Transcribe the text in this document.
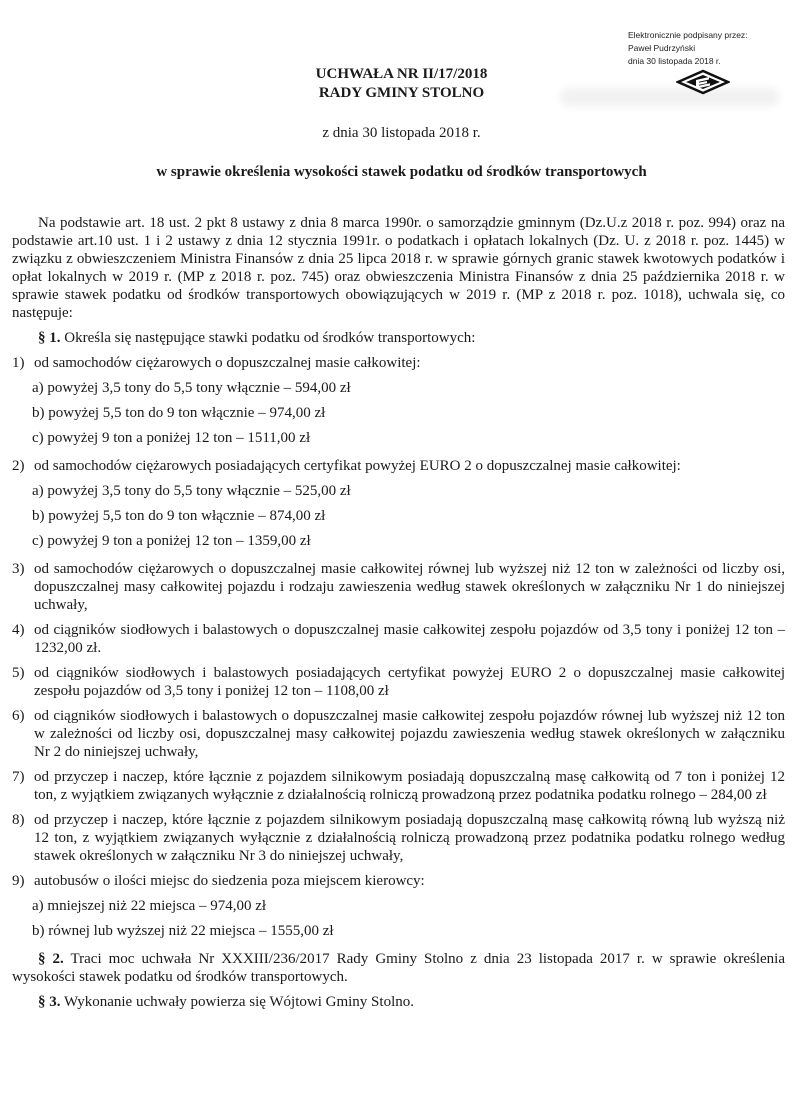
Elektronicznie podpisany przez:
Paweł Pudrzyński
dnia 30 listopada 2018 r.
UCHWAŁA NR II/17/2018
RADY GMINY STOLNO
z dnia 30 listopada 2018 r.
w sprawie określenia wysokości stawek podatku od środków transportowych

Na podstawie art. 18 ust. 2 pkt 8 ustawy z dnia 8 marca 1990r. o samorządzie gminnym (Dz.U.z 2018 r. poz. 994) oraz na podstawie art.10 ust. 1 i 2 ustawy z dnia 12 stycznia 1991r. o podatkach i opłatach lokalnych (Dz. U. z 2018 r. poz. 1445) w związku z obwieszczeniem Ministra Finansów z dnia 25 lipca 2018 r. w sprawie górnych granic stawek kwotowych podatków i opłat lokalnych w 2019 r. (MP z 2018 r. poz. 745) oraz obwieszczenia Ministra Finansów z dnia 25 października 2018 r. w sprawie stawek podatku od środków transportowych obowiązujących w 2019 r. (MP z 2018 r. poz. 1018), uchwala się, co następuje:

§ 1. Określa się następujące stawki podatku od środków transportowych:

1) od samochodów ciężarowych o dopuszczalnej masie całkowitej:
a) powyżej 3,5 tony do 5,5 tony włącznie – 594,00 zł
b) powyżej 5,5 ton do 9 ton włącznie – 974,00 zł
c) powyżej 9 ton a poniżej 12 ton – 1511,00 zł
2) od samochodów ciężarowych posiadających certyfikat powyżej EURO 2 o dopuszczalnej masie całkowitej:
a) powyżej 3,5 tony do 5,5 tony włącznie – 525,00 zł
b) powyżej 5,5 ton do 9 ton włącznie – 874,00 zł
c) powyżej 9 ton a poniżej 12 ton – 1359,00 zł
3) od samochodów ciężarowych o dopuszczalnej masie całkowitej równej lub wyższej niż 12 ton w zależności od liczby osi, dopuszczalnej masy całkowitej pojazdu i rodzaju zawieszenia według stawek określonych w załączniku Nr 1 do niniejszej uchwały,
4) od ciągników siodłowych i balastowych o dopuszczalnej masie całkowitej zespołu pojazdów od 3,5 tony i poniżej 12 ton – 1232,00 zł.
5) od ciągników siodłowych i balastowych posiadających certyfikat powyżej EURO 2 o dopuszczalnej masie całkowitej zespołu pojazdów od 3,5 tony i poniżej 12 ton – 1108,00 zł
6) od ciągników siodłowych i balastowych o dopuszczalnej masie całkowitej zespołu pojazdów równej lub wyższej niż 12 ton w zależności od liczby osi, dopuszczalnej masy całkowitej pojazdu zawieszenia według stawek określonych w załączniku Nr 2 do niniejszej uchwały,
7) od przyczep i naczep, które łącznie z pojazdem silnikowym posiadają dopuszczalną masę całkowitą od 7 ton i poniżej 12 ton, z wyjątkiem związanych wyłącznie z działalnością rolniczą prowadzoną przez podatnika podatku rolnego – 284,00 zł
8) od przyczep i naczep, które łącznie z pojazdem silnikowym posiadają dopuszczalną masę całkowitą równą lub wyższą niż 12 ton, z wyjątkiem związanych wyłącznie z działalnością rolniczą prowadzoną przez podatnika podatku rolnego według stawek określonych w załączniku Nr 3 do niniejszej uchwały,
9) autobusów o ilości miejsc do siedzenia poza miejscem kierowcy:
a) mniejszej niż 22 miejsca – 974,00 zł
b) równej lub wyższej niż 22 miejsca – 1555,00 zł

§ 2. Traci moc uchwała Nr XXXIII/236/2017 Rady Gminy Stolno z dnia 23 listopada 2017 r. w sprawie określenia wysokości stawek podatku od środków transportowych.

§ 3. Wykonanie uchwały powierza się Wójtowi Gminy Stolno.
